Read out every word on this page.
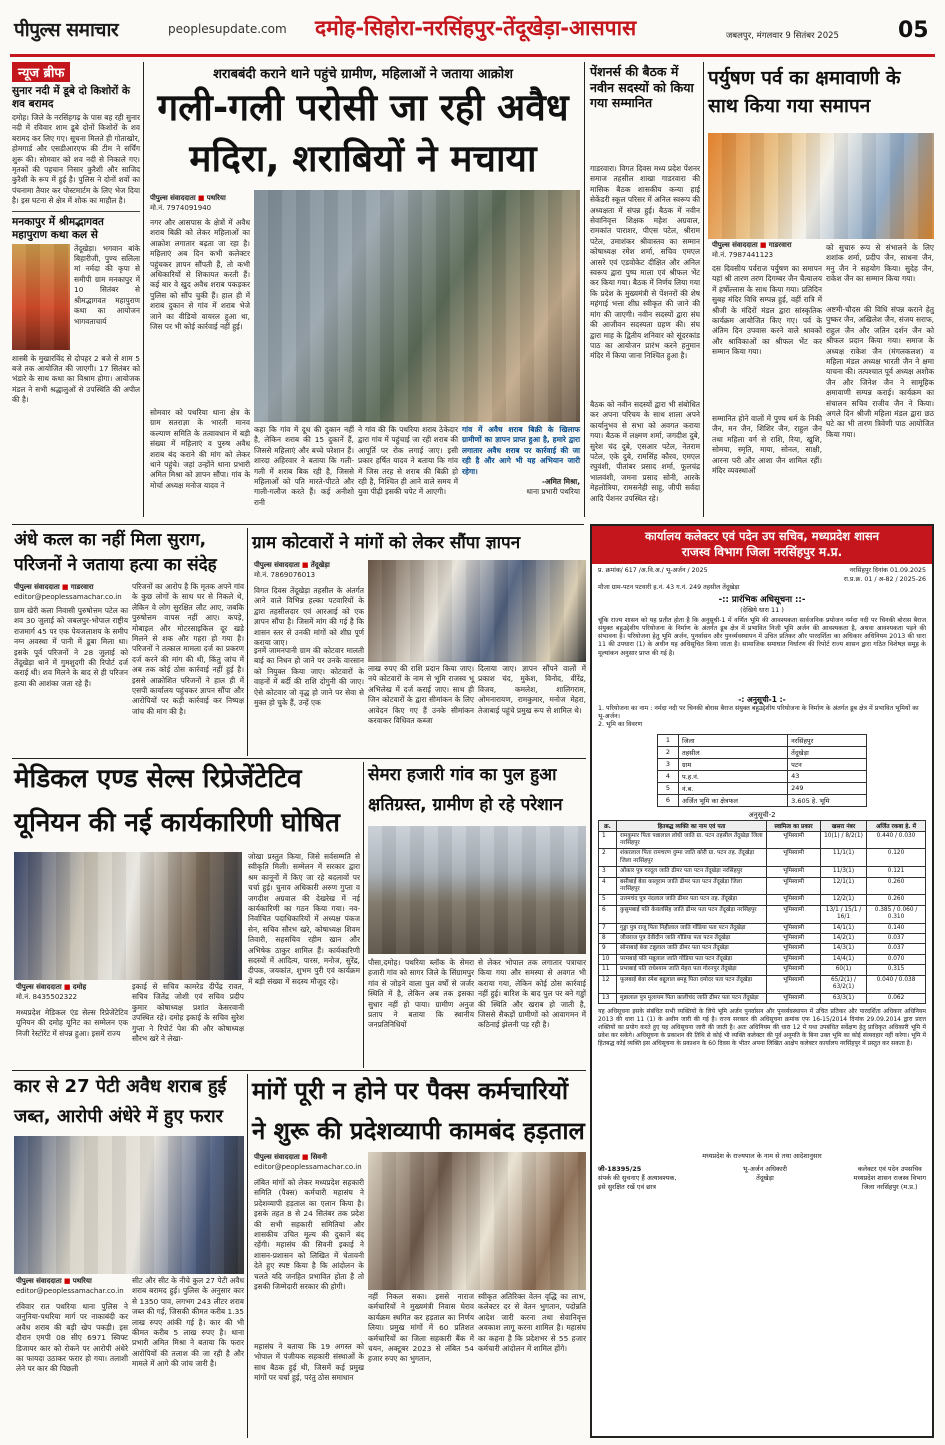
पीपुल्स समाचार	peoplesupdate.com	दमोह-सिहोरा-नरसिंहपुर-तेंदूखेड़ा-आसपास	जबलपुर, मंगलवार 9 सितंबर 2025	05
न्यूज ब्रीफ
सुनार नदी में डूबे दो किशोरों के शव बरामद
दमोह। जिले के नरसिंहगढ़ के पास बह रही सुनार नदी में रविवार शाम डूबे दोनों किशोरों के शव बरामद कर लिए गए। सूचना मिलते ही गोताखोर, होमगार्ड और एसडीआरएफ की टीम ने सर्चिंग शुरू की। सोमवार को शव नदी से निकाले गए। मृतकों की पहचान निसार कुरैशी और साजिद कुरैशी के रूप में हुई है। पुलिस ने दोनों शवों का पंचनामा तैयार कर पोस्टमार्टम के लिए भेज दिया है। इस घटना से क्षेत्र में शोक का माहौल है।
मनकापुर में श्रीमद्भागवत महापुराण कथा कल से
तेंदूखेड़ा। भगवान बांके बिहारीजी, पुण्य सलिला मां नर्मदा की कृपा से समीपी ग्राम मनकापुर में 10 सितंबर से श्रीमद्भागवत महापुराण कथा का आयोजन भागवताचार्य
शास्त्री के मुखारविंद से दोपहर 2 बजे से शाम 5 बजे तक आयोजित की जाएगी। 17 सितंबर को भंडारे के साथ कथा का विश्राम होगा। आयोजक मंडल ने सभी श्रद्धालुओं से उपस्थिति की अपील की है।
शराबबंदी कराने थाने पहुंचे ग्रामीण, महिलाओं ने जताया आक्रोश
गली-गली परोसी जा रही अवैध
मदिरा, शराबियों ने मचाया
पीपुल्स संवाददाता ■ पथरिया
मो.नं. 7974091940
नगर और आसपास के क्षेत्रों में अवैध शराब बिक्री को लेकर महिलाओं का आक्रोश लगातार बढ़ता जा रहा है। महिलाएं अब दिन कभी कलेक्टर पहुंचकर ज्ञापन सौंपती हैं, तो कभी अधिकारियों से शिकायत करती हैं। कई बार वे खुद अवैध शराब पकड़कर पुलिस को सौंप चुकी हैं। हाल ही में शराब दुकान से गांव में शराब भेजे जाने का वीडियो वायरल हुआ था, जिस पर भी कोई कार्रवाई नहीं हुई।
सोमवार को पथरिया थाना क्षेत्र के ग्राम सतराज्ञा के भारती मानव कल्याण समिति के तत्वावधान में बड़ी संख्या में महिलाएं व पुरुष अवैध शराब बंद कराने की मांग को लेकर थाने पहुंचे। जहां उन्होंने थाना प्रभारी अमित मिश्रा को ज्ञापन सौंपा। गांव के मोर्चा अध्यक्ष मनोज यादव ने
कहा कि गांव में दूध की दुकान नहीं है, लेकिन शराब की 15 दुकानें हैं, जिससे महिलाएं और बच्चे परेशान हैं। शारदा अहिरवार ने बताया कि गली-गली में शराब बिक रही है, जिससे महिलाओं को पति मारते-पीटते और गाली-गलौज करते हैं। कई अनीशो रानी
ने गांव की कि पथरिया शराब ठेकेदार द्वारा गांव में पहुंचाई जा रही शराब की आपूर्ति पर रोक लगाई जाए। इसी प्रकार हर्षित यादव ने बताया कि गांव में जिस तरह से शराब की बिक्री हो रही है, निश्चित ही आने वाले समय में युवा पीढ़ी इसकी चपेट में आएगी।
गांव में अवैध शराब बिक्री के खिलाफ ग्रामीणों का ज्ञापन प्राप्त हुआ है, हमारे द्वारा लगातार अवैध शराब पर कार्रवाई की जा रही है और आगे भी यह अभियान जारी रहेगा।
-अमित मिश्रा,
थाना प्रभारी पथरिया
पेंशनर्स की बैठक में नवीन सदस्यों को किया गया सम्मानित
गाडरवारा। विगत दिवस मध्य प्रदेश पेंशनर समाज तहसील शाखा गाडरवारा की मासिक बैठक शासकीय कन्या हाई सेकेंडरी स्कूल परिसर में अनिल स्वरूप की अध्यक्षता में संपन्न हुई। बैठक में नवीन सेवानिवृत्त शिक्षक महेश अग्रवाल, रामकांत पाराशर, पीएस पटेल, श्रीराम पटेल, उमाशंकर श्रीवास्तव का सम्मान कोषाध्यक्ष रमेश शर्मा, सचिव एमएल आसरे एवं एडवोकेट दीक्षित और अनिल स्वरूप द्वारा पुष्प माला एवं श्रीफल भेंट कर किया गया। बैठक में निर्णय लिया गया कि प्रदेश के मुख्यमंत्री से पेंशनरों की शेष महंगाई भत्ता शीघ्र स्वीकृत की जाने की मांग की जाएगी। नवीन सदस्यों द्वारा संघ की आजीवन सदस्यता ग्रहण की। संघ द्वारा माह के द्वितीय शनिवार को सूंदरकांड पाठ का आयोजन प्रारंभ करने हनुमान मंदिर में किया जाना निश्चित हुआ है।
बैठक को नवीन सदस्यों द्वारा भी संबोधित कर अपना परिचय के साथ शाला अपने कार्यानुभव से सभा को अवगत कराया गया। बैठक में लक्ष्मण शर्मा, जगदीश दुबे, सुरेश चंद दुबे, एसआर पटेल, नेतराम पटेल, एके दुबे, रामसिंह कौरव, एमएल रघुवंशी, पीतांबर प्रसाद शर्मा, फूलचंद्र भालवंशी, जमना प्रसाद सोनी, आरके मेहलोत्रिया, रामसनेही साहू, जीपी सर्वदा आदि पेंशनर उपस्थित रहे।
पर्युषण पर्व का क्षमावाणी के साथ किया गया समापन
पीपुल्स संवाददाता ■ गाडरवारा
मो.नं. 7987441123
दस दिवसीय पर्वराज पर्युषण का समापन यहां श्री तारण तरण दिगम्बर जैन चैत्यालय में हर्षोल्लास के साथ किया गया। प्रतिदिन सुबह मंदिर विधि सम्पन्न हुई, वहीं रात्रि में श्रीजी के मंदिरों मंडल द्वारा सांस्कृतिक कार्यक्रम आयोजित किए गए। पर्व के अंतिम दिन उपवास करने वाले श्रावकों और श्राविकाओं का श्रीफल भेंट कर सम्मान किया गया।
सम्मानित होने वालों में पुण्य धर्म के निकी जैन, मन जैन, शिशिर जैन, राहुल जैन तथा महिला वर्ग से राशि, रिया, खुशि, सोमया, स्मृति, माया, सोनल, साक्षी, आरना परी और आशा जैन शामिल रहीं। मंदिर व्यवस्थाओं
को सुचारु रूप से संभालने के लिए शशांक शर्मा, प्रदीप जैन, साधना जैन, मनु जैन ने सहयोग किया। सुदेह जैन, राकेश जैन का सम्मान किया गया।
अष्टमी-चौदस की विधि संपन्न कराने हेतु पुष्कर जैन, अखिलेश जैन, संजय सराफ, राहुल जैन और जतिन दर्शन जैन को श्रीफल प्रदान किया गया। समाज के अध्यक्ष राकेश जैन (मंगलकलश) व महिला मंडल अध्यक्ष भारती जैन ने क्षमा याचना की। तत्पश्चात पूर्व अध्यक्ष अशोक जैन और जिनेश जैन ने सामूहिक क्षमावाणी सम्पन्न कराई। कार्यक्रम का संचालन सचिव राजीव जैन ने किया। अगले दिन श्रीजी महिला मंडल द्वारा छठ घटे का भी तारण त्रिवेणी पाठ आयोजित किया गया।
अंधे कत्ल का नहीं मिला सुराग, परिजनों ने जताया हत्या का संदेह
पीपुल्स संवाददाता ■ गाडरवारा
editor@peoplessamachar.co.in
ग्राम खेरी कला निवासी पुरुषोत्तम पटेल का शव 30 जुलाई को जबलपुर-भोपाल राष्ट्रीय राजमार्ग 45 पर एक पेयजलाशय के समीप नग्न अवस्था में पानी में डूबा मिला था। इसके पूर्व परिजनों ने 28 जुलाई को तेंदूखेड़ा थाने में गुमशुदगी की रिपोर्ट दर्ज कराई थी। शव मिलने के बाद से ही परिजन हत्या की आशंका जता रहे हैं।
परिजनों का आरोप है कि मृतक अपने गांव के कुछ लोगों के साथ घर से निकले थे, लेकिन वे लोग सुरक्षित लौट आए, जबकि पुरुषोत्तम वापस नहीं आए। कपड़े, मोबाइल और मोटरसाइकिल दूर खड़े मिलने से शक और गहरा हो गया है। परिजनों ने तत्काल मामला दर्ज का प्रकरण दर्ज करने की मांग की थी, किंतु जांच में अब तक कोई ठोस कार्रवाई नहीं हुई है। इससे आक्रोशित परिजनों ने हाल ही में एसपी कार्यालय पहुंचकर ज्ञापन सौंपा और आरोपियों पर कड़ी कार्रवाई कर निष्पक्ष जांच की मांग की है।
ग्राम कोटवारों ने मांगों को लेकर सौंपा ज्ञापन
पीपुल्स संवाददाता ■ तेंदूखेड़ा
मो.नं. 7869076013
विगत दिवस तेंदूखेड़ा तहसील के अंतर्गत आने वाले विभिन्न हल्का पटवारियों के द्वारा तहसीलदार एवं आरआई को एक ज्ञापन सौंपा है। जिसमें मांग की गई है कि शासन स्तर से उनकी मांगों को शीघ्र पूर्ण कराया जाए।
इनमें जामनपानी ग्राम की कोटवार मालती बाई का निधन हो जाने पर उनके वारसान को नियुक्त किया जाए। कोटवारों के वाहनों में बर्दी की राशि दोगुनी की जाए। ऐसे कोटवार जो वृद्ध हो जाने पर सेवा से मुक्त हो चुके हैं, उन्हें एक
लाख रुपए की राशि प्रदान किया जाए। नये कोटवारों के नाम से भूमि राजस्व भू अभिलेख में दर्ज कराई जाए। साथ ही जिन कोटवारों के द्वारा सीमांकन के लिए आवेदन किए गए हैं उनके सीमांकन करवाकर विधिवत कब्जा
दिलाया जाए। ज्ञापन सौंपने वालों में प्रकाश चंद, मुकेश, विनोद, वीरेंद्र, विजय, कमलेश, शालिगराम, ओमनारायण, रामकुमार, मनोज मेहरा, तेजाबाई पहुंचे प्रमुख रूप से शामिल थे।
मेडिकल एण्ड सेल्स रिप्रेजेंटेटिव
यूनियन की नई कार्यकारिणी घोषित
पीपुल्स संवाददाता ■ दमोह
मो.नं. 8435502322
मध्यप्रदेश मेडिकल एंड सेल्स रिप्रेजेंटेटिव यूनियन की दमोह यूनिट का सम्मेलन एक निजी रेस्टोरेंट में संपन्न हुआ। इसमें राज्य
इकाई से सचिव कामरेड दीपेंद्र रावत, सचिव जितेंद्र जोशी एवं सचिव प्रदीप कुमार कोषाध्यक्ष प्रशांत केसरवानी उपस्थित रहे। दमोह इकाई के सचिव सुरेश गुप्ता ने रिपोर्ट पेश की और कोषाध्यक्ष सौरभ खरे ने लेखा-
जोखा प्रस्तुत किया, जिसे सर्वसम्मति से स्वीकृति मिली। सम्मेलन में सरकार द्वारा श्रम कानूनों में किए जा रहे बदलावों पर चर्चा हुई। चुनाव अधिकारी अरुण गुप्ता व जगदीश अग्रवाल की देखरेख में नई कार्यकारिणी का गठन किया गया। नव-निर्वाचित पदाधिकारियों में अध्यक्ष पंकज सेन, सचिव सौरभ खरे, कोषाध्यक्ष शिवम तिवारी, सहसचिव रहीम खान और अभिषेक ठाकुर शामिल हैं। कार्यकारिणी सदस्यों में आदित्य, पारस, मनोज, सुरेंद्र, दीपक, जयकांत, शुभम पुरी एवं कार्यक्रम में बड़ी संख्या में सदस्य मौजूद रहे।
सेमरा हजारी गांव का पुल हुआ
क्षतिग्रस्त, ग्रामीण हो रहे परेशान
पौसा,दमोह। पथरिया ब्लॉक के सेमरा हजारी गांव को सागर जिले के सिंग्रामपुर गांव से जोड़ने वाला पुल वर्षों से जर्जर स्थिति में है, लेकिन अब तक इसका सुधार नहीं हो पाया। ग्रामीण अनुज प्रताप ने बताया कि स्थानीय जनप्रतिनिधियों
से लेकर भोपाल तक लगातार पत्राचार किया गया और समस्या से अवगत भी कराया गया, लेकिन कोई ठोस कार्रवाई नहीं हुई। बारिश के बाद पुल पर बने गड्ढों की स्थिति और खराब हो जाती है, जिससे सैकड़ों ग्रामीणों को आवागमन में कठिनाई झेलनी पड़ रही है।
कार से 27 पेटी अवैध शराब हुई
जब्त, आरोपी अंधेरे में हुए फरार
पीपुल्स संवाददाता ■ पथरिया
editor@peoplessamachar.co.in
रविवार रात पथरिया थाना पुलिस ने जनुनिया-पथरिया मार्ग पर नाकाबंदी कर अवैध शराब की बड़ी खेप पकड़ी। इस दौरान एमपी 08 सीए 6971 स्विफ्ट डिजायर कार को रोकने पर आरोपी अंधेरे का फायदा उठाकर फरार हो गया। तलाशी लेने पर कार की पिछली
सीट और सीट के नीचे कुल 27 पेटी अवैध शराब बरामद हुई। पुलिस के अनुसार कार से 1350 पाव, लगभग 243 लीटर शराब जब्त की गई, जिसकी कीमत करीब 1.35 लाख रुपए आंकी गई है। कार की भी कीमत करीब 5 लाख रुपए है। थाना प्रभारी अमित मिश्रा ने बताया कि फरार आरोपियों की तलाश की जा रही है और मामले में आगे की जांच जारी है।
मांगें पूरी न होने पर पैक्स कर्मचारियों
ने शुरू की प्रदेशव्यापी कामबंद हड़ताल
पीपुल्स संवाददाता ■ सिवनी
editor@peoplessamachar.co.in
लंबित मांगों को लेकर मध्यप्रदेश सहकारी समिति (पैक्स) कर्मचारी महासंघ ने प्रदेशव्यापी हड़ताल का एलान किया है। इसके तहत 8 से 24 सितंबर तक प्रदेश की सभी सहकारी समितियां और शासकीय उचित मूल्य की दुकानें बंद रहेंगी। महासंघ की सिवनी इकाई ने शासन-प्रशासन को लिखित में चेतावनी देते हुए स्पष्ट किया है कि आंदोलन के चलते यदि जनहित प्रभावित होता है तो इसकी जिम्मेदारी सरकार की होगी।
महासंघ ने बताया कि 19 अगस्त को भोपाल में पंजीयक सहकारी संस्थाओं के साथ बैठक हुई थी, जिसमें कई प्रमुख मांगों पर चर्चा हुई, परंतु ठोस समाधान
नहीं निकल सका। इससे नाराज कर्मचारियों ने मुख्यमंत्री निवास घेराव कार्यक्रम स्थगित कर हड़ताल का निर्णय लिया। प्रमुख मांगों में 60 प्रतिशत कर्मचारियों का जिला सहकारी बैंक में चयन, अक्टूबर 2023 से लंबित 54 हजार रुपए का भुगतान,
स्वीकृत अतिरिक्त वेतन वृद्धि का लाभ, कलेक्टर दर से वेतन भुगतान, पदोन्नति आदेश जारी करना तथा सेवानिवृत्त अवकाश लागू करना शामिल है। महासंघ का कहना है कि प्रदेशभर से 55 हजार कर्मचारी आंदोलन में शामिल होंगे।
कार्यालय कलेक्टर एवं पदेन उप सचिव, मध्यप्रदेश शासन
राजस्व विभाग जिला नरसिंहपुर म.प्र.
प्र. क्रमांक/ 617 /अ.वि.अ./ भू-अर्जन / 2025	नरसिंहपुर दिनांक 01.09.2025
रा.प्र.क्र. 01 / अ-82 / 2025-26
मौजा ग्राम-पटन पटवारी ह.नं. 43 ग.नं. 249 तहसील तेंदूखेड़ा
-:: प्रारंभिक अधिसूचना ::-
(देखिये धारा 11 )
चूंकि राज्य शासन को यह प्रतीत होता है कि अनुसूची-1 में वर्णित भूमि की आवश्यकता सार्वजनिक प्रयोजन नर्मदा नदी पर चिनकी बोरास बैराज संयुक्त बहुउद्देशीय परियोजना के निर्माण के अंतर्गत डूब क्षेत्र में प्रभावित निजी भूमि अर्जन की आवश्यकता है, अथवा आवश्यकता पड़ने की संभावना है। परियोजना हेतु भूमि अर्जन, पुनर्वासन और पुनर्व्यवस्थापन में उचित प्रतिकर और पारदर्शिता का अधिकार अधिनियम 2013 की धारा 11 की उपधारा (1) के अधीन यह अधिसूचित किया जाता है। सामाजिक समाघात निर्धारण की रिपोर्ट राज्य शासन द्वारा गठित विशेषज्ञ समूह के मूल्यांकन अनुसार प्राप्त की गई है।
-: अनुसूची-1 :-
1. परियोजना का नाम : नर्मदा नदी पर चिनकी बोरास बैराज संयुक्त बहुउद्देशीय परियोजना के निर्माण के अंतर्गत डूब क्षेत्र में प्रभावित भूमियों का भू-अर्जन।
2. भूमि का विवरण
1	जिला	नरसिंहपुर
2	तहसील	तेंदूखेड़ा
3	ग्राम	पटन
4	प.ह.नं.	43
5	नं.ब.	249
6	अर्जित भूमि का क्षेत्रफल	3.605 हे. भूमि
अनुसूची-2
क्र.	हितबद्ध व्यक्ति का नाम एवं पता	स्वामित्व का प्रकार	खसरा नंबर	अर्जित रकबा हे. में
1	रामकुमार पिता पन्नालाल लोधी जाति ग्रा. पटन तहसील तेंदूखेड़ा जिला नरसिंहपुर	भूमिस्वामी	10(1) / 8/2(1)	0.440 / 0.030
2	शंकरलाल पिता रामचरण दुम्मा जाति कोरी ग्रा. पटन तह. तेंदूखेड़ा जिला नरसिंहपुर	भूमिस्वामी	11/1(1)	0.120
3	ओंकार पुत्र गरदूल जाति ढीमर पता पटन तेंदूखेड़ा नरसिंहपुर	भूमिस्वामी	11/3(1)	0.121
4	बसीबाई बेवा कालूराम जाति ढीमर पता पटन तेंदूखेड़ा जिला नरसिंहपुर	भूमिस्वामी	12/1(1)	0.260
5	उत्तमचंद पुत्र नंदलाल जाति ढीमर पता पटन तह. तेंदूखेड़ा	भूमिस्वामी	12/2(1)	0.260
6	कुसुमबाई पति केवलसिंह जाति ढीमर पता पटन तेंदूखेड़ा नरसिंहपुर	भूमिस्वामी	13/1 / 15/1 / 16/1	0.385 / 0.060 / 0.310
7	गुड्डा पुत्र राजू पिता निहीलाल जाति गोंडिया पता पटन तेंदूखेड़ा	भूमिस्वामी	14/1(1)	0.140
8	जीवराज पुत्र देवीदीन जाति गोंडिया पता पटन तेंदूखेड़ा	भूमिस्वामी	14/2(1)	0.037
9	सोनाबाई बेवा टन्नूलाल जाति ढीमर पता पटन तेंदूखेड़ा	भूमिस्वामी	14/3(1)	0.037
10	परमबाई पति मन्नूलाल जाति गोंडिया पता पटन तेंदूखेड़ा	भूमिस्वामी	14/4(1)	0.070
11	प्रभाबाई पति राधेश्याम जाति मेहरा पता गोरनपुर तेंदूखेड़ा	भूमिस्वामी	60(1)	0.315
12	फूलबाई बेवा रमेश बद्दूलाल बमहू पिता दमोदर पता पटन तेंदूखेड़ा	भूमिस्वामी	65/2(1) / 63/2(1)	0.040 / 0.038
13	मुन्नालाल पुत्र मुलायम पिता कालीचंद जाति ढीमर पता पटन तेंदूखेड़ा	भूमिस्वामी	63/3(1)	0.062
यह अधिसूचना इसके संबंधित सभी व्यक्तियों के लिये भूमि अर्जन पुनर्वासन और पुनर्व्यवस्थापन में उचित प्रतिकर और पारदर्शिता अधिकार अधिनियम 2013 की धारा 11 (1) के अधीन जारी की गई है। राज्य सरकार की अधिसूचना क्रमांक एफ 16-15/2014 दिनांक 29.09.2014 द्वारा प्रदत्त शक्तियों का प्रयोग करते हुए यह अधिसूचना जारी की जाती है। अतः अधिनियम की धारा 12 में यथा उपबंधित सर्वेक्षण हेतु प्राधिकृत अधिकारी भूमि में प्रवेश कर सकेंगे। अधिसूचना के प्रकाशन की तिथि से कोई भी व्यक्ति कलेक्टर की पूर्व अनुमति के बिना उक्त भूमि का कोई संव्यवहार नहीं करेगा। भूमि में हितबद्ध कोई व्यक्ति इस अधिसूचना के प्रकाशन के 60 दिवस के भीतर अपना लिखित आक्षेप कलेक्टर कार्यालय नरसिंहपुर में प्रस्तुत कर सकता है।
मध्यप्रदेश के राज्यपाल के नाम से तथा आदेशानुसार
जी-18395/25
संपर्क की सुचनाए हैं अत्यावश्यक,
इसे सुरक्षित रखें एवं छात्र
भू-अर्जन अधिकारी
तेंदूखेड़ा
कलेक्टर एवं पदेन उपसचिव
मध्यप्रदेश शासन राजस्व विभाग
जिला नरसिंहपुर (म.प्र.)
